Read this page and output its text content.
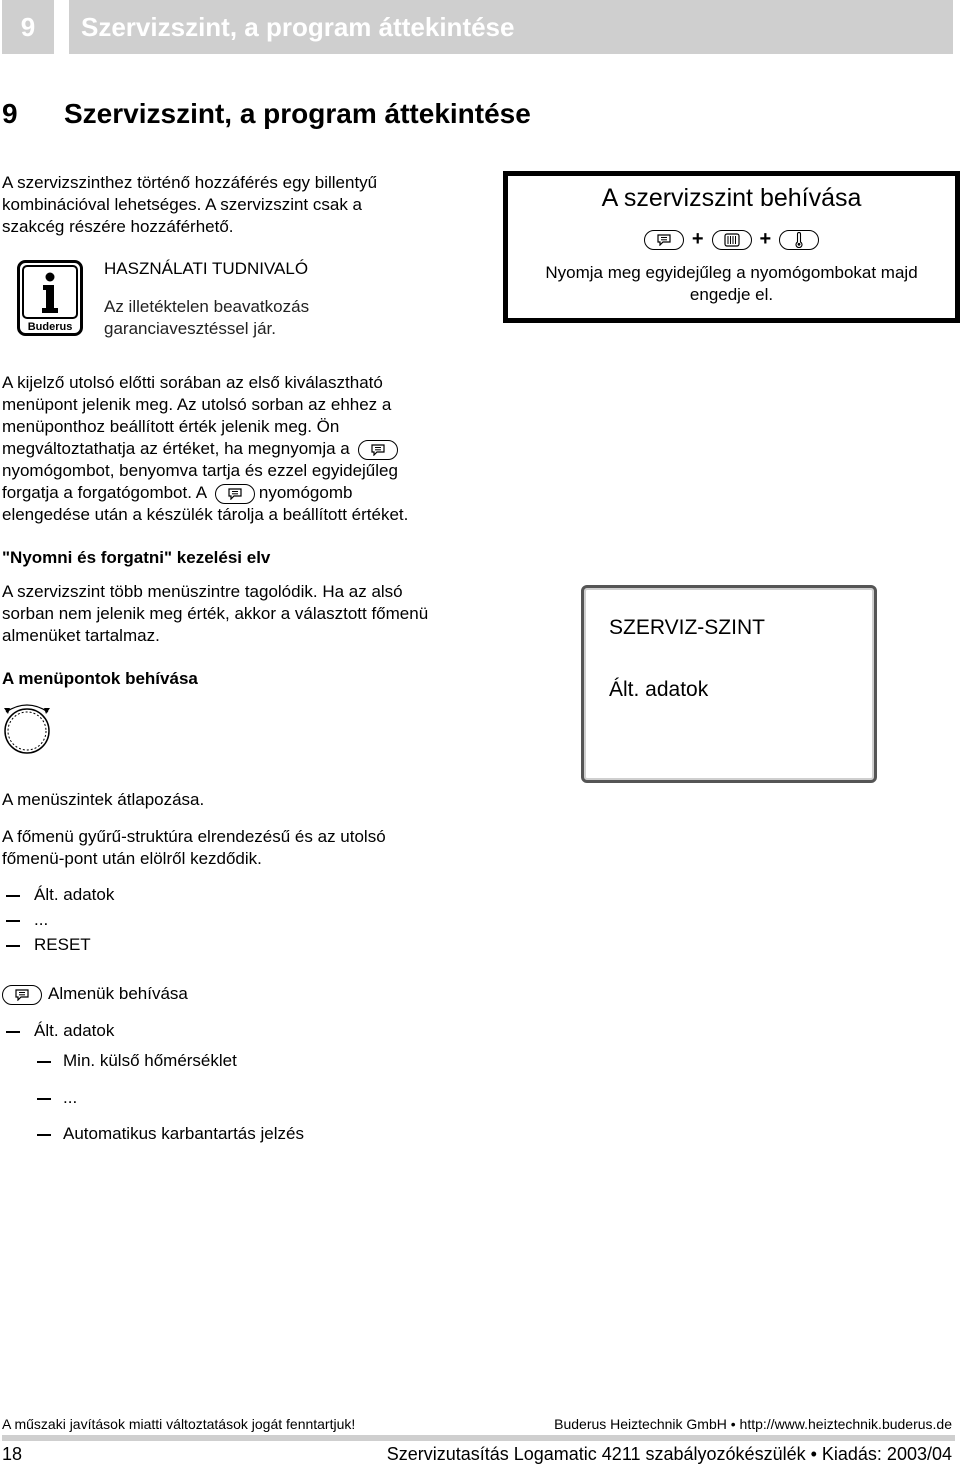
9	Szervizszint, a program áttekintése
9 Szervizszint, a program áttekintése
A szervizszinthez történő hozzáférés egy billentyű
kombinációval lehetséges. A szervizszint csak a
szakcég részére hozzáférhető.
Buderus
HASZNÁLATI TUDNIVALÓ
Az illetéktelen beavatkozás
garanciavesztéssel jár.
A szervizszint behívása
+	+
Nyomja meg egyidejűleg a nyomógombokat majd
engedje el.
A kijelző utolsó előtti sorában az első kiválasztható
menüpont jelenik meg. Az utolsó sorban az ehhez a
menüponthoz beállított érték jelenik meg. Ön
megváltoztathatja az értéket, ha megnyomja a
nyomógombot, benyomva tartja és ezzel egyidejűleg
forgatja a forgatógombot. A	nyomógomb
elengedése után a készülék tárolja a beállított értéket.
"Nyomni és forgatni" kezelési elv
A szervizszint több menüszintre tagolódik. Ha az alsó
sorban nem jelenik meg érték, akkor a választott főmenü
almenüket tartalmaz.
A menüpontok behívása
SZERVIZ-SZINT
Ált. adatok
A menüszintek átlapozása.
A főmenü gyűrű-struktúra elrendezésű és az utolsó
főmenü-pont után elölről kezdődik.
Ált. adatok
...
RESET
Almenük behívása
Ált. adatok
Min. külső hőmérséklet
...
Automatikus karbantartás jelzés
A műszaki javítások miatti változtatások jogát fenntartjuk!	Buderus Heiztechnik GmbH • http://www.heiztechnik.buderus.de
18	Szervizutasítás Logamatic 4211 szabályozókészülék • Kiadás: 2003/04
